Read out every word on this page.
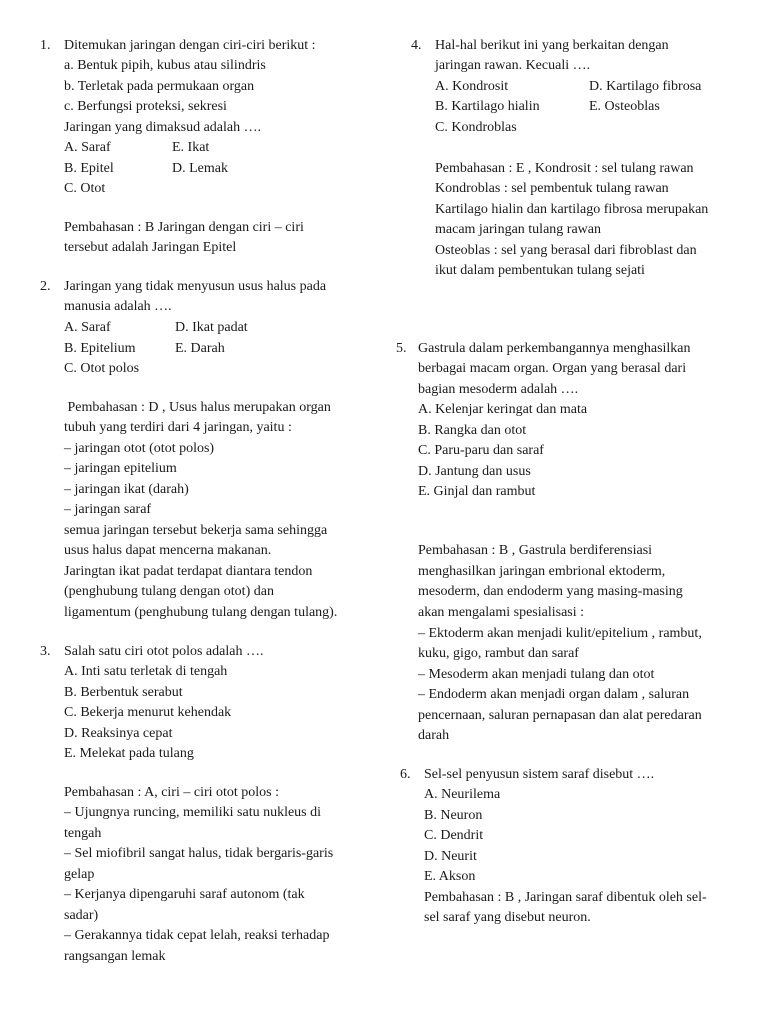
1. Ditemukan jaringan dengan ciri-ciri berikut :
a. Bentuk pipih, kubus atau silindris
b. Terletak pada permukaan organ
c. Berfungsi proteksi, sekresi
Jaringan yang dimaksud adalah ….
A. Saraf	E. Ikat
B. Epitel	D. Lemak
C. Otot
Pembahasan : B Jaringan dengan ciri – ciri
tersebut adalah Jaringan Epitel
2. Jaringan yang tidak menyusun usus halus pada
manusia adalah ….
A. Saraf	D. Ikat padat
B. Epitelium	E. Darah
C. Otot polos
Pembahasan : D , Usus halus merupakan organ
tubuh yang terdiri dari 4 jaringan, yaitu :
– jaringan otot (otot polos)
– jaringan epitelium
– jaringan ikat (darah)
– jaringan saraf
semua jaringan tersebut bekerja sama sehingga
usus halus dapat mencerna makanan.
Jaringtan ikat padat terdapat diantara tendon
(penghubung tulang dengan otot) dan
ligamentum (penghubung tulang dengan tulang).
3. Salah satu ciri otot polos adalah ….
A. Inti satu terletak di tengah
B. Berbentuk serabut
C. Bekerja menurut kehendak
D. Reaksinya cepat
E. Melekat pada tulang
Pembahasan : A, ciri – ciri otot polos :
– Ujungnya runcing, memiliki satu nukleus di
tengah
– Sel miofibril sangat halus, tidak bergaris-garis
gelap
– Kerjanya dipengaruhi saraf autonom (tak
sadar)
– Gerakannya tidak cepat lelah, reaksi terhadap
rangsangan lemak
4. Hal-hal berikut ini yang berkaitan dengan
jaringan rawan. Kecuali ….
A. Kondrosit	D. Kartilago fibrosa
B. Kartilago hialin	E. Osteoblas
C. Kondroblas
Pembahasan : E , Kondrosit : sel tulang rawan
Kondroblas : sel pembentuk tulang rawan
Kartilago hialin dan kartilago fibrosa merupakan
macam jaringan tulang rawan
Osteoblas : sel yang berasal dari fibroblast dan
ikut dalam pembentukan tulang sejati
5. Gastrula dalam perkembangannya menghasilkan
berbagai macam organ. Organ yang berasal dari
bagian mesoderm adalah ….
A. Kelenjar keringat dan mata
B. Rangka dan otot
C. Paru-paru dan saraf
D. Jantung dan usus
E. Ginjal dan rambut
Pembahasan : B , Gastrula berdiferensiasi
menghasilkan jaringan embrional ektoderm,
mesoderm, dan endoderm yang masing-masing
akan mengalami spesialisasi :
– Ektoderm akan menjadi kulit/epitelium , rambut,
kuku, gigo, rambut dan saraf
– Mesoderm akan menjadi tulang dan otot
– Endoderm akan menjadi organ dalam , saluran
pencernaan, saluran pernapasan dan alat peredaran
darah
6. Sel-sel penyusun sistem saraf disebut ….
A. Neurilema
B. Neuron
C. Dendrit
D. Neurit
E. Akson
Pembahasan : B , Jaringan saraf dibentuk oleh sel-
sel saraf yang disebut neuron.
